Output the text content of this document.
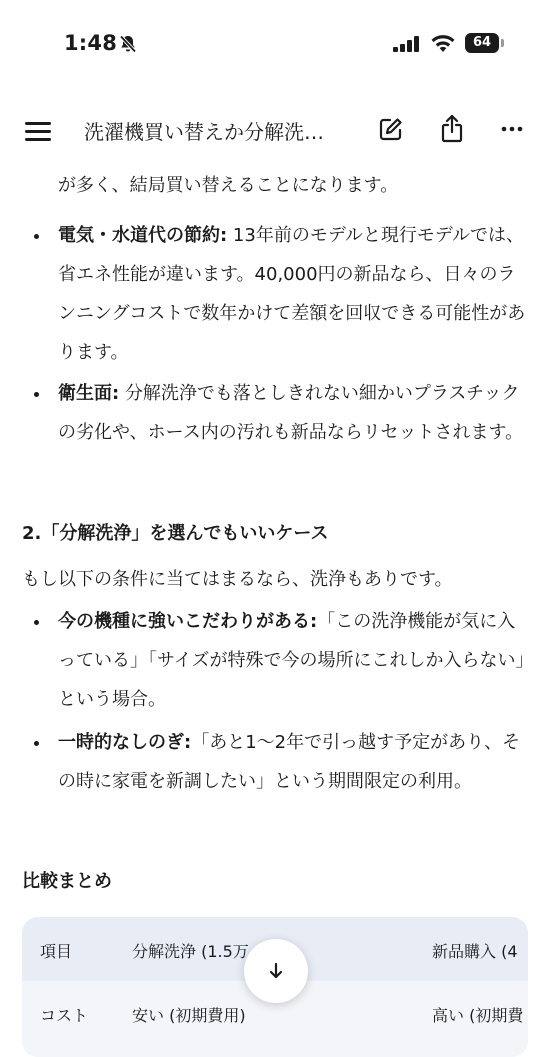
1:48	64
洗濯機買い替えか分解洗…
が多く、結局買い替えることになります。
電気・水道代の節約: 13年前のモデルと現行モデルでは、省エネ性能が違います。40,000円の新品なら、日々のランニングコストで数年かけて差額を回収できる可能性があります。
衛生面: 分解洗浄でも落としきれない細かいプラスチックの劣化や、ホース内の汚れも新品ならリセットされます。
2.「分解洗浄」を選んでもいいケース
もし以下の条件に当てはまるなら、洗浄もありです。
今の機種に強いこだわりがある:「この洗浄機能が気に入っている」「サイズが特殊で今の場所にこれしか入らない」という場合。
一時的なしのぎ:「あと1〜2年で引っ越す予定があり、その時に家電を新調したい」という期間限定の利用。
比較まとめ
項目	分解洗浄 (1.5万	新品購入 (4
コスト	安い (初期費用)	高い (初期費
